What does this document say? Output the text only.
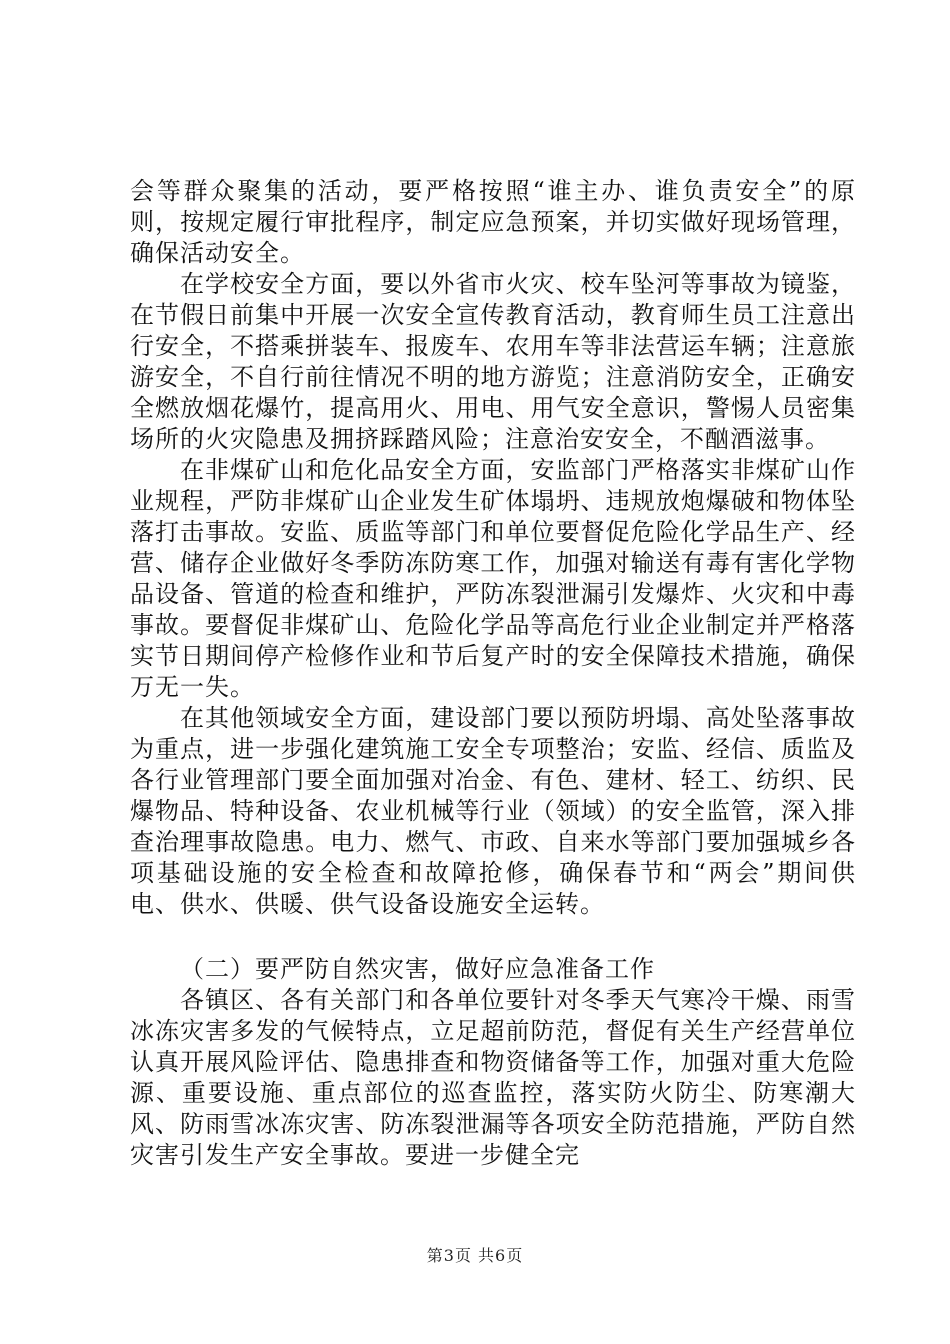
会等群众聚集的活动，要严格按照“谁主办、谁负责安全”的原则，按规定履行审批程序，制定应急预案，并切实做好现场管理，确保活动安全。

在学校安全方面，要以外省市火灾、校车坠河等事故为镜鉴，在节假日前集中开展一次安全宣传教育活动，教育师生员工注意出行安全，不搭乘拼装车、报废车、农用车等非法营运车辆；注意旅游安全，不自行前往情况不明的地方游览；注意消防安全，正确安全燃放烟花爆竹，提高用火、用电、用气安全意识，警惕人员密集场所的火灾隐患及拥挤踩踏风险；注意治安安全，不酗酒滋事。

在非煤矿山和危化品安全方面，安监部门严格落实非煤矿山作业规程，严防非煤矿山企业发生矿体塌坍、违规放炮爆破和物体坠落打击事故。安监、质监等部门和单位要督促危险化学品生产、经营、储存企业做好冬季防冻防寒工作，加强对输送有毒有害化学物品设备、管道的检查和维护，严防冻裂泄漏引发爆炸、火灾和中毒事故。要督促非煤矿山、危险化学品等高危行业企业制定并严格落实节日期间停产检修作业和节后复产时的安全保障技术措施，确保万无一失。

在其他领域安全方面，建设部门要以预防坍塌、高处坠落事故为重点，进一步强化建筑施工安全专项整治；安监、经信、质监及各行业管理部门要全面加强对冶金、有色、建材、轻工、纺织、民爆物品、特种设备、农业机械等行业（领域）的安全监管，深入排查治理事故隐患。电力、燃气、市政、自来水等部门要加强城乡各项基础设施的安全检查和故障抢修，确保春节和“两会”期间供电、供水、供暖、供气设备设施安全运转。

（二）要严防自然灾害，做好应急准备工作

各镇区、各有关部门和各单位要针对冬季天气寒冷干燥、雨雪冰冻灾害多发的气候特点，立足超前防范，督促有关生产经营单位认真开展风险评估、隐患排查和物资储备等工作，加强对重大危险源、重要设施、重点部位的巡查监控，落实防火防尘、防寒潮大风、防雨雪冰冻灾害、防冻裂泄漏等各项安全防范措施，严防自然灾害引发生产安全事故。要进一步健全完

第3页 共6页
